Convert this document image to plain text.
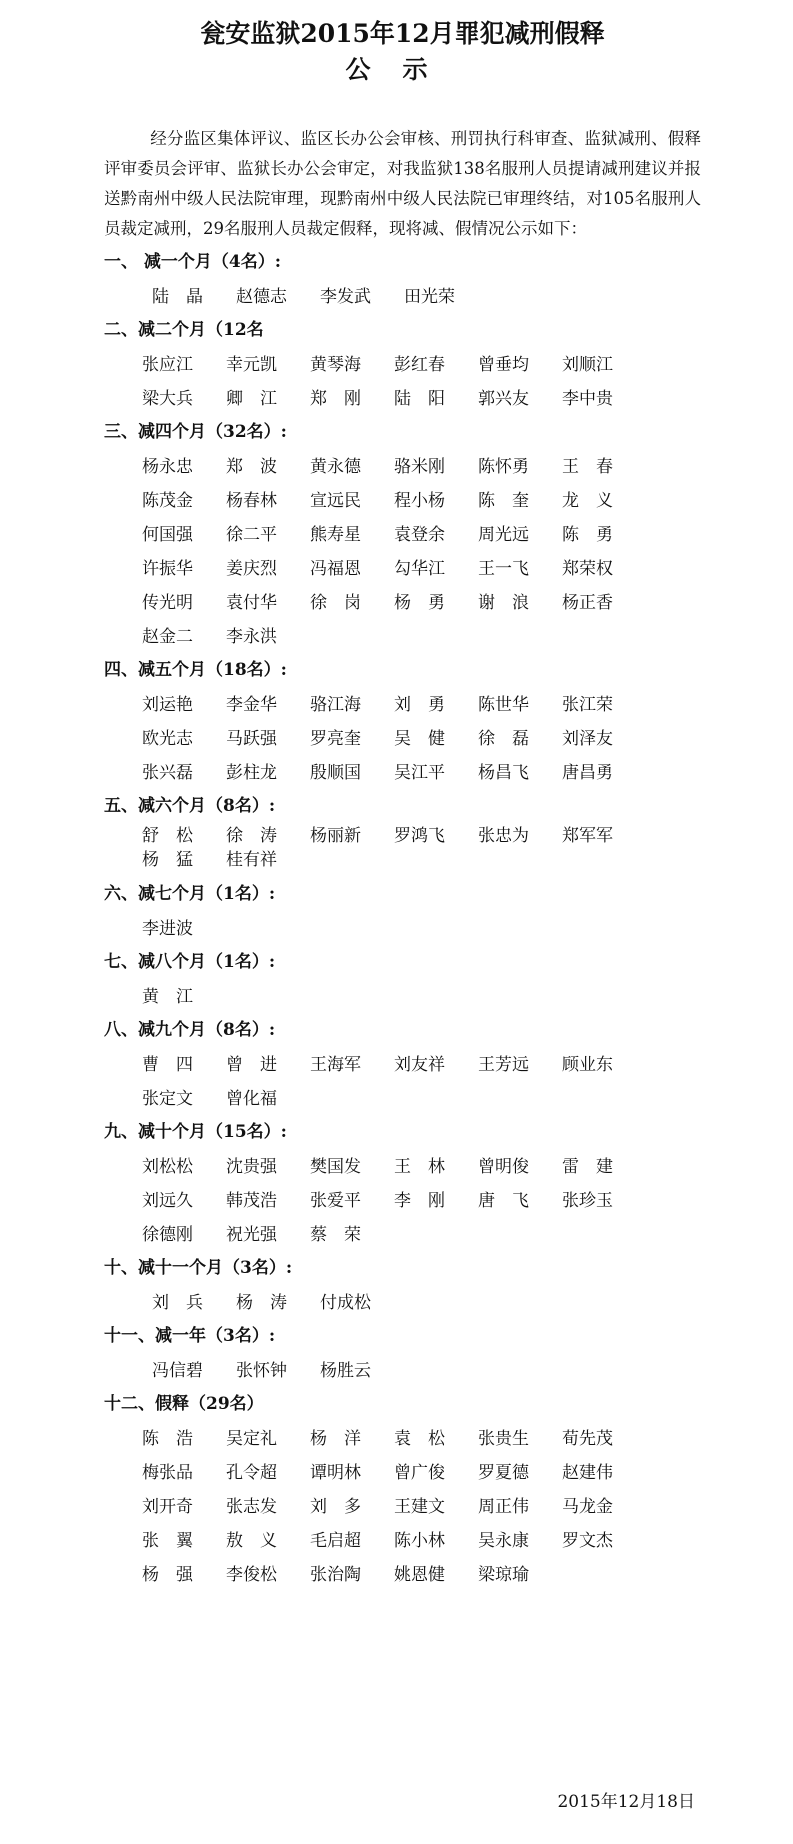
瓮安监狱2015年12月罪犯减刑假释
公示

经分监区集体评议、监区长办公会审核、刑罚执行科审查、监狱减刑、假释评审委员会评审、监狱长办公会审定，对我监狱138名服刑人员提请减刑建议并报送黔南州中级人民法院审理，现黔南州中级人民法院已审理终结，对105名服刑人员裁定减刑，29名服刑人员裁定假释，现将减、假情况公示如下：

一、 减一个月（4名）:
陆　晶	赵德志	李发武	田光荣
二、减二个月（12名
张应江	幸元凯	黄琴海	彭红春	曾垂均	刘顺江
梁大兵	卿　江	郑　刚	陆　阳	郭兴友	李中贵
三、减四个月（32名）:
杨永忠	郑　波	黄永德	骆米刚	陈怀勇	王　春
陈茂金	杨春林	宣远民	程小杨	陈　奎	龙　义
何国强	徐二平	熊寿星	袁登余	周光远	陈　勇
许振华	姜庆烈	冯福恩	勾华江	王一飞	郑荣权
传光明	袁付华	徐　岗	杨　勇	谢　浪	杨正香
赵金二	李永洪
四、减五个月（18名）:
刘运艳	李金华	骆江海	刘　勇	陈世华	张江荣
欧光志	马跃强	罗亮奎	吴　健	徐　磊	刘泽友
张兴磊	彭柱龙	殷顺国	吴江平	杨昌飞	唐昌勇
五、减六个月（8名）:
舒　松	徐　涛	杨丽新	罗鸿飞	张忠为	郑军军
杨　猛	桂有祥
六、减七个月（1名）:
李进波
七、减八个月（1名）:
黄　江
八、减九个月（8名）:
曹　四	曾　进	王海军	刘友祥	王芳远	顾业东
张定文	曾化福
九、减十个月（15名）:
刘松松	沈贵强	樊国发	王　林	曾明俊	雷　建
刘远久	韩茂浩	张爱平	李　刚	唐　飞	张珍玉
徐德刚	祝光强	蔡　荣
十、减十一个月（3名）:
刘　兵	杨　涛	付成松
十一、减一年（3名）:
冯信碧	张怀钟	杨胜云
十二、假释（29名）
陈　浩	吴定礼	杨　洋	袁　松	张贵生	荀先茂
梅张品	孔令超	谭明林	曾广俊	罗夏德	赵建伟
刘开奇	张志发	刘　多	王建文	周正伟	马龙金
张　翼	敖　义	毛启超	陈小林	吴永康	罗文杰
杨　强	李俊松	张治陶	姚恩健	梁琼瑜
2015年12月18日
